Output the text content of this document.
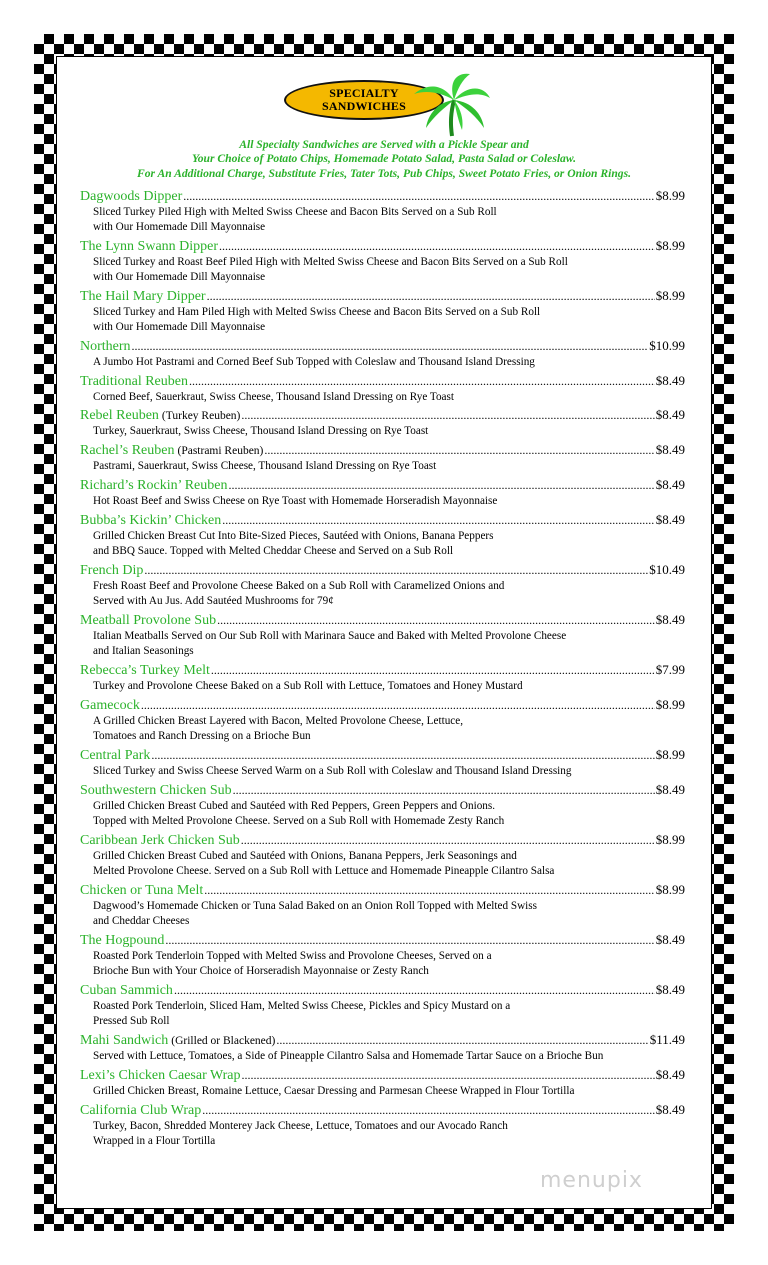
SPECIALTY
SANDWICHES
All Specialty Sandwiches are Served with a Pickle Spear and
Your Choice of Potato Chips, Homemade Potato Salad, Pasta Salad or Coleslaw.
For An Additional Charge, Substitute Fries, Tater Tots, Pub Chips, Sweet Potato Fries, or Onion Rings.
Dagwoods Dipper .....	$8.99
Sliced Turkey Piled High with Melted Swiss Cheese and Bacon Bits Served on a Sub Roll
with Our Homemade Dill Mayonnaise
The Lynn Swann Dipper .....	$8.99
Sliced Turkey and Roast Beef Piled High with Melted Swiss Cheese and Bacon Bits Served on a Sub Roll
with Our Homemade Dill Mayonnaise
The Hail Mary Dipper .....	$8.99
Sliced Turkey and Ham Piled High with Melted Swiss Cheese and Bacon Bits Served on a Sub Roll
with Our Homemade Dill Mayonnaise
Northern .....	$10.99
A Jumbo Hot Pastrami and Corned Beef Sub Topped with Coleslaw and Thousand Island Dressing
Traditional Reuben .....	$8.49
Corned Beef, Sauerkraut, Swiss Cheese, Thousand Island Dressing on Rye Toast
Rebel Reuben (Turkey Reuben) .....	$8.49
Turkey, Sauerkraut, Swiss Cheese, Thousand Island Dressing on Rye Toast
Rachel’s Reuben (Pastrami Reuben) .....	$8.49
Pastrami, Sauerkraut, Swiss Cheese, Thousand Island Dressing on Rye Toast
Richard’s Rockin’ Reuben .....	$8.49
Hot Roast Beef and Swiss Cheese on Rye Toast with Homemade Horseradish Mayonnaise
Bubba’s Kickin’ Chicken .....	$8.49
Grilled Chicken Breast Cut Into Bite-Sized Pieces, Sautéed with Onions, Banana Peppers
and BBQ Sauce. Topped with Melted Cheddar Cheese and Served on a Sub Roll
French Dip .....	$10.49
Fresh Roast Beef and Provolone Cheese Baked on a Sub Roll with Caramelized Onions and
Served with Au Jus. Add Sautéed Mushrooms for 79¢
Meatball Provolone Sub .....	$8.49
Italian Meatballs Served on Our Sub Roll with Marinara Sauce and Baked with Melted Provolone Cheese
and Italian Seasonings
Rebecca’s Turkey Melt .....	$7.99
Turkey and Provolone Cheese Baked on a Sub Roll with Lettuce, Tomatoes and Honey Mustard
Gamecock .....	$8.99
A Grilled Chicken Breast Layered with Bacon, Melted Provolone Cheese, Lettuce,
Tomatoes and Ranch Dressing on a Brioche Bun
Central Park .....	$8.99
Sliced Turkey and Swiss Cheese Served Warm on a Sub Roll with Coleslaw and Thousand Island Dressing
Southwestern Chicken Sub .....	$8.49
Grilled Chicken Breast Cubed and Sautéed with Red Peppers, Green Peppers and Onions.
Topped with Melted Provolone Cheese. Served on a Sub Roll with Homemade Zesty Ranch
Caribbean Jerk Chicken Sub .....	$8.99
Grilled Chicken Breast Cubed and Sautéed with Onions, Banana Peppers, Jerk Seasonings and
Melted Provolone Cheese. Served on a Sub Roll with Lettuce and Homemade Pineapple Cilantro Salsa
Chicken or Tuna Melt .....	$8.99
Dagwood’s Homemade Chicken or Tuna Salad Baked on an Onion Roll Topped with Melted Swiss
and Cheddar Cheeses
The Hogpound .....	$8.49
Roasted Pork Tenderloin Topped with Melted Swiss and Provolone Cheeses, Served on a
Brioche Bun with Your Choice of Horseradish Mayonnaise or Zesty Ranch
Cuban Sammich .....	$8.49
Roasted Pork Tenderloin, Sliced Ham, Melted Swiss Cheese, Pickles and Spicy Mustard on a
Pressed Sub Roll
Mahi Sandwich (Grilled or Blackened) .....	$11.49
Served with Lettuce, Tomatoes, a Side of Pineapple Cilantro Salsa and Homemade Tartar Sauce on a Brioche Bun
Lexi’s Chicken Caesar Wrap .....	$8.49
Grilled Chicken Breast, Romaine Lettuce, Caesar Dressing and Parmesan Cheese Wrapped in Flour Tortilla
California Club Wrap .....	$8.49
Turkey, Bacon, Shredded Monterey Jack Cheese, Lettuce, Tomatoes and our Avocado Ranch
Wrapped in a Flour Tortilla
menupix
